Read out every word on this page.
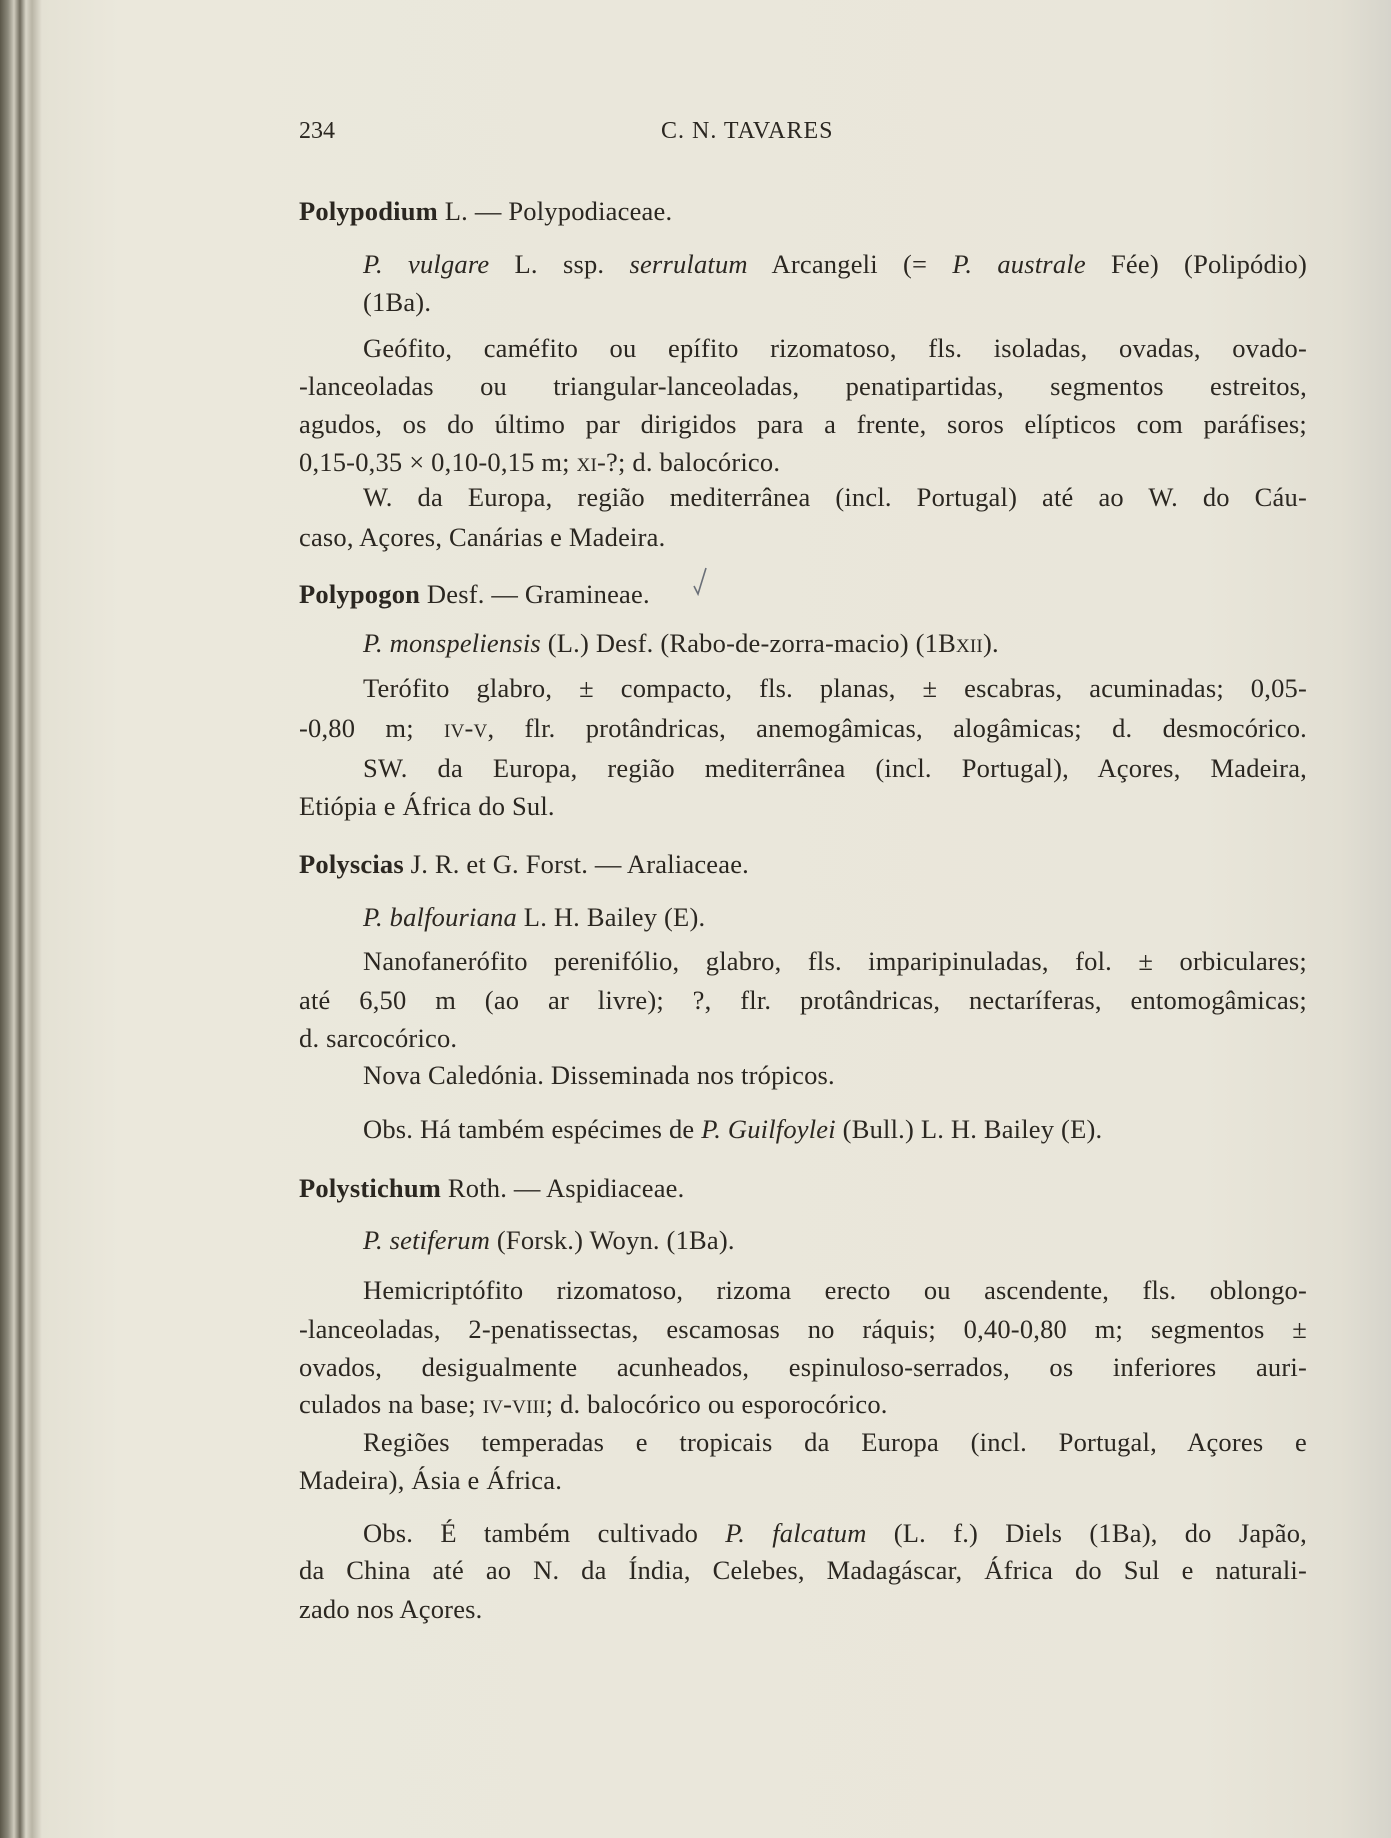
234	C. N. TAVARES
Polypodium L. — Polypodiaceae.
P. vulgare L. ssp. serrulatum Arcangeli (= P. australe Fée) (Polipódio)
(1Ba).
Geófito, caméfito ou epífito rizomatoso, fls. isoladas, ovadas, ovado-
-lanceoladas ou triangular-lanceoladas, penatipartidas, segmentos estreitos,
agudos, os do último par dirigidos para a frente, soros elípticos com paráfises;
0,15-0,35 × 0,10-0,15 m; xi-?; d. balocórico.
W. da Europa, região mediterrânea (incl. Portugal) até ao W. do Cáu-
caso, Açores, Canárias e Madeira.
Polypogon Desf. — Gramineae.
P. monspeliensis (L.) Desf. (Rabo-de-zorra-macio) (1Bxii).
Terófito glabro, ± compacto, fls. planas, ± escabras, acuminadas; 0,05-
-0,80 m; iv-v, flr. protândricas, anemogâmicas, alogâmicas; d. desmocórico.
SW. da Europa, região mediterrânea (incl. Portugal), Açores, Madeira,
Etiópia e África do Sul.
Polyscias J. R. et G. Forst. — Araliaceae.
P. balfouriana L. H. Bailey (E).
Nanofanerófito perenifólio, glabro, fls. imparipinuladas, fol. ± orbiculares;
até 6,50 m (ao ar livre); ?, flr. protândricas, nectaríferas, entomogâmicas;
d. sarcocórico.
Nova Caledónia. Disseminada nos trópicos.
Obs. Há também espécimes de P. Guilfoylei (Bull.) L. H. Bailey (E).
Polystichum Roth. — Aspidiaceae.
P. setiferum (Forsk.) Woyn. (1Ba).
Hemicriptófito rizomatoso, rizoma erecto ou ascendente, fls. oblongo-
-lanceoladas, 2-penatissectas, escamosas no ráquis; 0,40-0,80 m; segmentos ±
ovados, desigualmente acunheados, espinuloso-serrados, os inferiores auri-
culados na base; iv-viii; d. balocórico ou esporocórico.
Regiões temperadas e tropicais da Europa (incl. Portugal, Açores e
Madeira), Ásia e África.
Obs. É também cultivado P. falcatum (L. f.) Diels (1Ba), do Japão,
da China até ao N. da Índia, Celebes, Madagáscar, África do Sul e naturali-
zado nos Açores.
